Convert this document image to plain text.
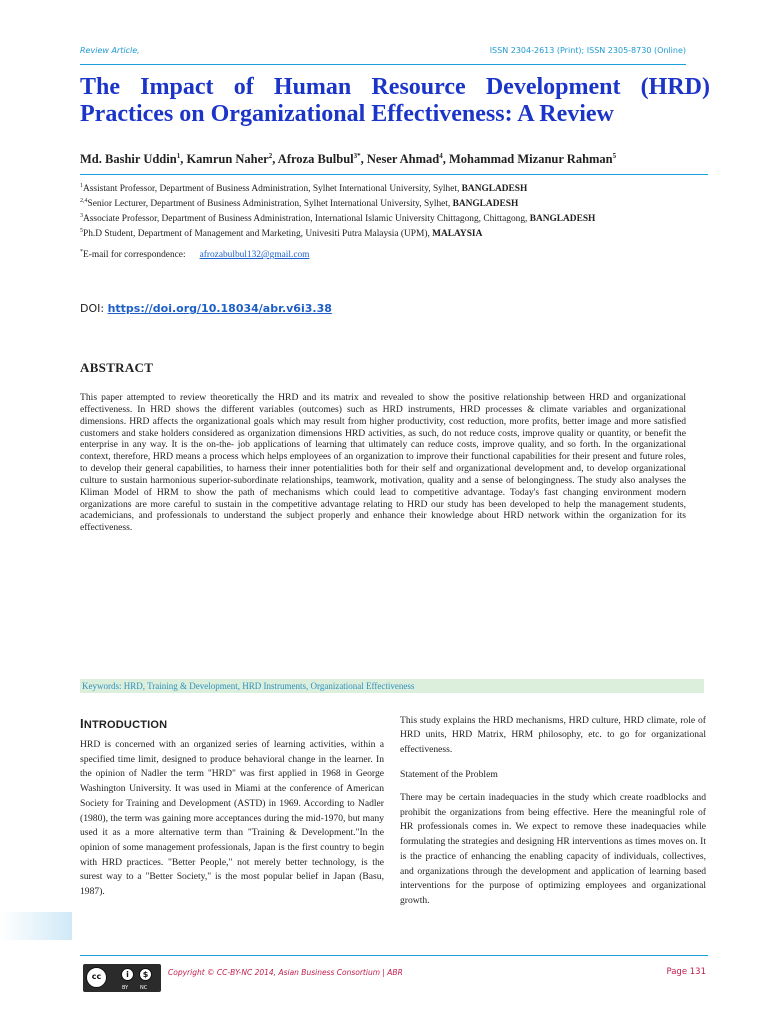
Review Article,	ISSN 2304-2613 (Print); ISSN 2305-8730 (Online)
The Impact of Human Resource Development (HRD) Practices on Organizational Effectiveness: A Review
Md. Bashir Uddin$^1$, Kamrun Naher$^2$, Afroza Bulbul$^{3*}$, Neser Ahmad$^4$, Mohammad Mizanur Rahman$^5$
$^1$Assistant Professor, Department of Business Administration, Sylhet International University, Sylhet, BANGLADESH
$^{2,4}$Senior Lecturer, Department of Business Administration, Sylhet International University, Sylhet, BANGLADESH
$^3$Associate Professor, Department of Business Administration, International Islamic University Chittagong, Chittagong, BANGLADESH
$^5$Ph.D Student, Department of Management and Marketing, Univesiti Putra Malaysia (UPM), MALAYSIA
*E-mail for correspondence: afrozabulbul132@gmail.com
DOI: https://doi.org/10.18034/abr.v6i3.38
ABSTRACT
This paper attempted to review theoretically the HRD and its matrix and revealed to show the positive relationship between HRD and organizational effectiveness. In HRD shows the different variables (outcomes) such as HRD instruments, HRD processes & climate variables and organizational dimensions. HRD affects the organizational goals which may result from higher productivity, cost reduction, more profits, better image and more satisfied customers and stake holders considered as organization dimensions HRD activities, as such, do not reduce costs, improve quality or quantity, or benefit the enterprise in any way. It is the on-the- job applications of learning that ultimately can reduce costs, improve quality, and so forth. In the organizational context, therefore, HRD means a process which helps employees of an organization to improve their functional capabilities for their present and future roles, to develop their general capabilities, to harness their inner potentialities both for their self and organizational development and, to develop organizational culture to sustain harmonious superior-subordinate relationships, teamwork, motivation, quality and a sense of belongingness. The study also analyses the Kliman Model of HRM to show the path of mechanisms which could lead to competitive advantage. Today's fast changing environment modern organizations are more careful to sustain in the competitive advantage relating to HRD our study has been developed to help the management students, academicians, and professionals to understand the subject properly and enhance their knowledge about HRD network within the organization for its effectiveness.
Keywords: HRD, Training & Development, HRD Instruments, Organizational Effectiveness
INTRODUCTION
HRD is concerned with an organized series of learning activities, within a specified time limit, designed to produce behavioral change in the learner. In the opinion of Nadler the term "HRD" was first applied in 1968 in George Washington University. It was used in Miami at the conference of American Society for Training and Development (ASTD) in 1969. According to Nadler (1980), the term was gaining more acceptances during the mid-1970, but many used it as a more alternative term than "Training & Development."In the opinion of some management professionals, Japan is the first country to begin with HRD practices. "Better People," not merely better technology, is the surest way to a "Better Society," is the most popular belief in Japan (Basu, 1987).
This study explains the HRD mechanisms, HRD culture, HRD climate, role of HRD units, HRD Matrix, HRM philosophy, etc. to go for organizational effectiveness.
Statement of the Problem
There may be certain inadequacies in the study which create roadblocks and prohibit the organizations from being effective. Here the meaningful role of HR professionals comes in. We expect to remove these inadequacies while formulating the strategies and designing HR interventions as times moves on. It is the practice of enhancing the enabling capacity of individuals, collectives, and organizations through the development and application of learning based interventions for the purpose of optimizing employees and organizational growth.
cc	i	$
BY NC
Copyright © CC-BY-NC 2014, Asian Business Consortium | ABR	Page 131
